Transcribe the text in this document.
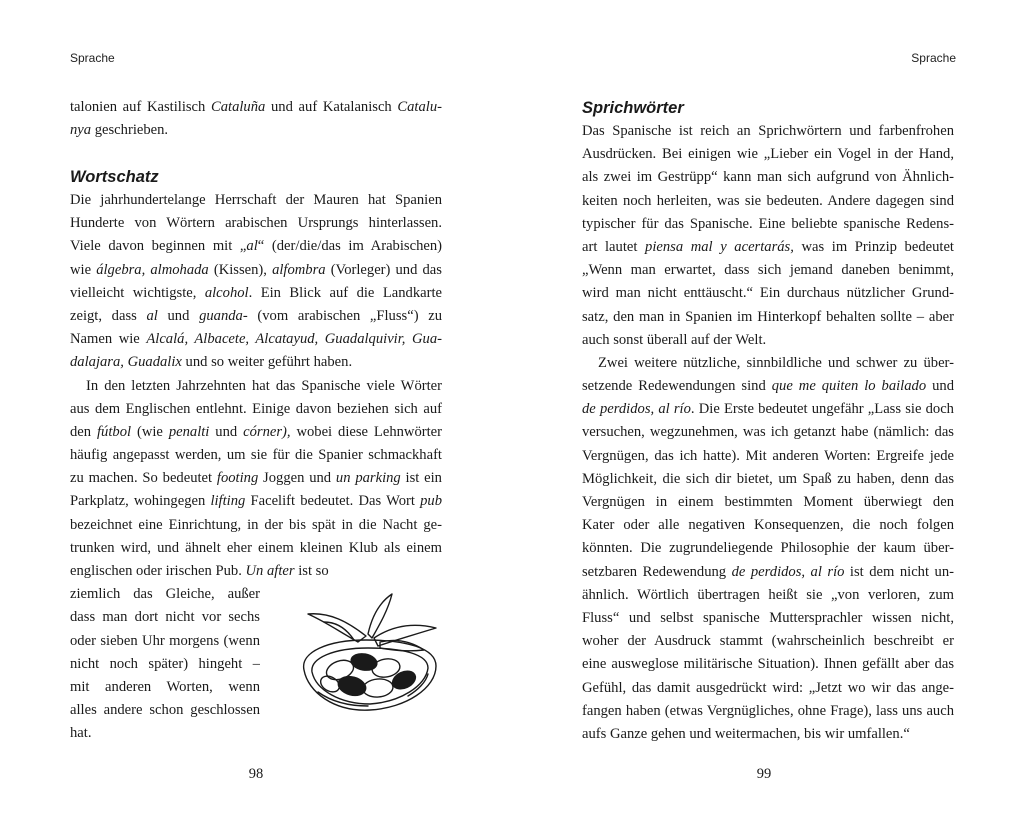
Sprache
talonien auf Kastilisch Cataluña und auf Katalanisch Catalu-
nya geschrieben.
Wortschatz
Die jahrhundertelange Herrschaft der Mauren hat Spanien
Hunderte von Wörtern arabischen Ursprungs hinterlassen.
Viele davon beginnen mit „al“ (der/die/das im Arabischen)
wie álgebra, almohada (Kissen), alfombra (Vorleger) und das
vielleicht wichtigste, alcohol. Ein Blick auf die Landkarte
zeigt, dass al und guanda- (vom arabischen „Fluss“) zu
Namen wie Alcalá, Albacete, Alcatayud, Guadalquivir, Gua-
dalajara, Guadalix und so weiter geführt haben.
In den letzten Jahrzehnten hat das Spanische viele Wörter
aus dem Englischen entlehnt. Einige davon beziehen sich auf
den fútbol (wie penalti und córner), wobei diese Lehnwörter
häufig angepasst werden, um sie für die Spanier schmackhaft
zu machen. So bedeutet footing Joggen und un parking ist ein
Parkplatz, wohingegen lifting Facelift bedeutet. Das Wort pub
bezeichnet eine Einrichtung, in der bis spät in die Nacht ge-
trunken wird, und ähnelt eher einem kleinen Klub als einem
englischen oder irischen Pub. Un after ist so
ziemlich das Gleiche, außer
dass man dort nicht vor sechs
oder sieben Uhr morgens (wenn
nicht noch später) hingeht –
mit anderen Worten, wenn
alles andere schon geschlossen
hat.
98
Sprache
Sprichwörter
Das Spanische ist reich an Sprichwörtern und farbenfrohen
Ausdrücken. Bei einigen wie „Lieber ein Vogel in der Hand,
als zwei im Gestrüpp“ kann man sich aufgrund von Ähnlich-
keiten noch herleiten, was sie bedeuten. Andere dagegen sind
typischer für das Spanische. Eine beliebte spanische Redens-
art lautet piensa mal y acertarás, was im Prinzip bedeutet
„Wenn man erwartet, dass sich jemand daneben benimmt,
wird man nicht enttäuscht.“ Ein durchaus nützlicher Grund-
satz, den man in Spanien im Hinterkopf behalten sollte – aber
auch sonst überall auf der Welt.
Zwei weitere nützliche, sinnbildliche und schwer zu über-
setzende Redewendungen sind que me quiten lo bailado und
de perdidos, al río. Die Erste bedeutet ungefähr „Lass sie doch
versuchen, wegzunehmen, was ich getanzt habe (nämlich: das
Vergnügen, das ich hatte). Mit anderen Worten: Ergreife jede
Möglichkeit, die sich dir bietet, um Spaß zu haben, denn das
Vergnügen in einem bestimmten Moment überwiegt den
Kater oder alle negativen Konsequenzen, die noch folgen
könnten. Die zugrundeliegende Philosophie der kaum über-
setzbaren Redewendung de perdidos, al río ist dem nicht un-
ähnlich. Wörtlich übertragen heißt sie „von verloren, zum
Fluss“ und selbst spanische Muttersprachler wissen nicht,
woher der Ausdruck stammt (wahrscheinlich beschreibt er
eine ausweglose militärische Situation). Ihnen gefällt aber das
Gefühl, das damit ausgedrückt wird: „Jetzt wo wir das ange-
fangen haben (etwas Vergnügliches, ohne Frage), lass uns auch
aufs Ganze gehen und weitermachen, bis wir umfallen.“
99
